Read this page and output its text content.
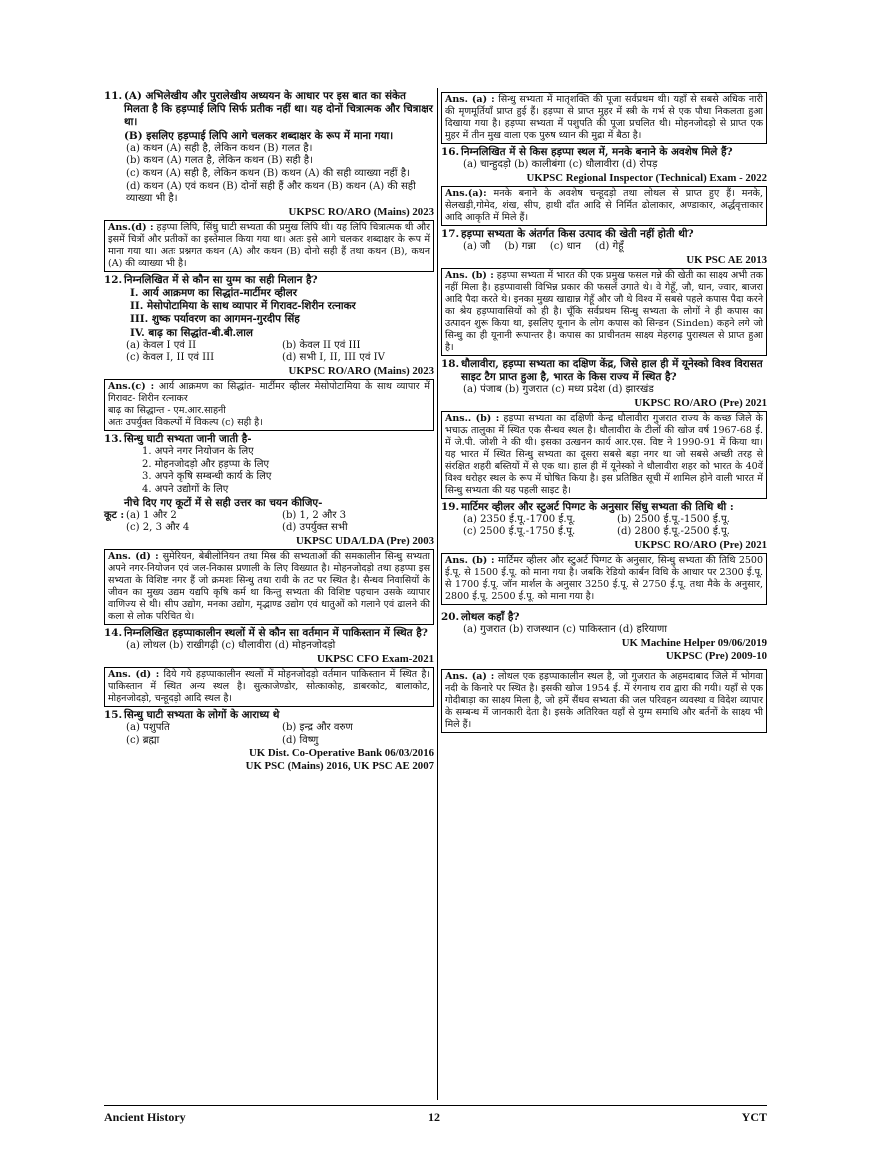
11. (A) अभिलेखीय और पुरालेखीय अध्ययन के आधार पर इस बात का संकेत मिलता है कि हड़प्पाई लिपि सिर्फ प्रतीक नहीं था। यह दोनों चित्रात्मक और चित्राक्षर था।
(B) इसलिए हड़प्पाई लिपि आगे चलकर शब्दाक्षर के रूप में माना गया।
(a) कथन (A) सही है, लेकिन कथन (B) गलत है।
(b) कथन (A) गलत है, लेकिन कथन (B) सही है।
(c) कथन (A) सही है, लेकिन कथन (B) कथन (A) की सही व्याख्या नहीं है।
(d) कथन (A) एवं कथन (B) दोनों सही हैं और कथन (B) कथन (A) की सही व्याख्या भी है।
UKPSC RO/ARO (Mains) 2023
Ans.(d) : हड़प्पा लिपि, सिंधु घाटी सभ्यता की प्रमुख लिपि थी। यह लिपि चित्रात्मक थी और इसमें चित्रों और प्रतीकों का इस्तेमाल किया गया था। अतः इसे आगे चलकर शब्दाक्षर के रूप में माना गया था। अतः प्रश्नगत कथन (A) और कथन (B) दोनो सही हैं तथा कथन (B), कथन (A) की व्याख्या भी है।
12. निम्नलिखित में से कौन सा युग्म का सही मिलान है?
I. आर्य आक्रमण का सिद्धांत-मार्टीमर व्हीलर
II. मेसोपोटामिया के साथ व्यापार में गिरावट-शिरीन रत्नाकर
III. शुष्क पर्यावरण का आगमन-गुरदीप सिंह
IV. बाढ़ का सिद्धांत-बी.बी.लाल
(a) केवल I एवं II	(b) केवल II एवं III
(c) केवल I, II एवं III	(d) सभी I, II, III एवं IV
UKPSC RO/ARO (Mains) 2023
Ans.(c) : आर्य आक्रमण का सिद्धांत- मार्टीमर व्हीलर मेसोपोटामिया के साथ व्यापार में गिरावट- शिरीन रत्नाकर
बाढ़ का सिद्धान्त - एम.आर.साहनी
अतः उपर्युक्त विकल्पों में विकल्प (c) सही है।
13. सिन्धु घाटी सभ्यता जानी जाती है-
1. अपने नगर नियोजन के लिए
2. मोहनजोदड़ो और हड़प्पा के लिए
3. अपने कृषि सम्बन्धी कार्य के लिए
4. अपने उद्योगों के लिए
नीचे दिए गए कूटों में से सही उत्तर का चयन कीजिए-
कूट : (a) 1 और 2	(b) 1, 2 और 3
(c) 2, 3 और 4	(d) उपर्युक्त सभी
UKPSC UDA/LDA (Pre) 2003
Ans. (d) : सुमेरियन, बेबीलोनियन तथा मिस्र की सभ्यताओं की समकालीन सिन्धु सभ्यता अपने नगर-नियोजन एवं जल-निकास प्रणाली के लिए विख्यात है। मोहनजोदड़ो तथा हड़प्पा इस सभ्यता के विशिष्ट नगर हैं जो क्रमशः सिन्धु तथा रावी के तट पर स्थित है। सैन्धव निवासियों के जीवन का मुख्य उद्यम यद्यपि कृषि कर्म था किन्तु सभ्यता की विशिष्ट पहचान उसके व्यापार वाणिज्य से थी। सीप उद्योग, मनका उद्योग, मृद्भाण्ड उद्योग एवं धातुओं को गलाने एवं ढालने की कला से लोक परिचित थे।
14. निम्नलिखित हड़प्पाकालीन स्थलों में से कौन सा वर्तमान में पाकिस्तान में स्थित है?
(a) लोथल (b) राखीगढ़ी (c) धौलावीरा (d) मोहनजोदड़ो
UKPSC CFO Exam-2021
Ans. (d) : दिये गये हड़प्पाकालीन स्थलों में मोहनजोदड़ो वर्तमान पाकिस्तान में स्थित है। पाकिस्तान में स्थित अन्य स्थल है। सुत्काजेण्डोर, सोत्काकोह, डाबरकोट, बालाकोट, मोहनजोदड़ो, चन्हूदड़ो आदि स्थल है।
15. सिन्धु घाटी सभ्यता के लोगों के आराध्य थे
(a) पशुपति	(b) इन्द्र और वरुण
(c) ब्रह्मा	(d) विष्णु
UK Dist. Co-Operative Bank 06/03/2016
UK PSC (Mains) 2016, UK PSC AE 2007
Ans. (a) : सिन्धु सभ्यता में मातृशक्ति की पूजा सर्वप्रथम थी। यहाँ से सबसे अधिक नारी की मृणमूर्तियाँ प्राप्त हुई हैं। हड़प्पा से प्राप्त मुहर में स्त्री के गर्भ से एक पौधा निकलता हुआ दिखाया गया है। हड़प्पा सभ्यता में पशुपति की पूजा प्रचलित थी। मोहनजोदड़ो से प्राप्त एक मुहर में तीन मुख वाला एक पुरुष ध्यान की मुद्रा में बैठा है।
16. निम्नलिखित में से किस हड़प्पा स्थल में, मनके बनाने के अवशेष मिले हैं?
(a) चान्हुदड़ो (b) कालीबंगा (c) धौलावीरा (d) रोपड़
UKPSC Regional Inspector (Technical) Exam - 2022
Ans.(a): मनके बनाने के अवशेष चन्हूदड़ो तथा लोथल से प्राप्त हुए हैं। मनके, सेलखड़ी,गोमेद, शंख, सीप, हाथी दाँत आदि से निर्मित ढोलाकार, अण्डाकार, अर्द्धवृत्ताकार आदि आकृति में मिले हैं।
17. हड़प्पा सभ्यता के अंतर्गत किस उत्पाद की खेती नहीं होती थी?
(a) जौ (b) गन्ना (c) धान (d) गेहूँ
UK PSC AE 2013
Ans. (b) : हड़प्पा सभ्यता में भारत की एक प्रमुख फसल गन्ने की खेती का साक्ष्य अभी तक नहीं मिला है। हड़प्पावासी विभिन्न प्रकार की फसलें उगाते थे। वे गेहूँ, जौ, धान, ज्वार, बाजरा आदि पैदा करते थे। इनका मुख्य खाद्यान्न गेहूँ और जौ थे विश्व में सबसे पहले कपास पैदा करने का श्रेय हड़प्पावासियों को ही है। चूँकि सर्वप्रथम सिन्धु सभ्यता के लोगों ने ही कपास का उत्पादन शुरू किया था, इसलिए यूनान के लोग कपास को सिन्डन (Sinden) कहने लगे जो सिन्धु का ही यूनानी रूपान्तर है। कपास का प्राचीनतम साक्ष्य मेहरगढ़ पुरास्थल से प्राप्त हुआ है।
18. धौलावीरा, हड़प्पा सभ्यता का दक्षिण केंद्र, जिसे हाल ही में यूनेस्को विश्व विरासत साइट टैग प्राप्त हुआ है, भारत के किस राज्य में स्थित है?
(a) पंजाब (b) गुजरात (c) मध्य प्रदेश (d) झारखंड
UKPSC RO/ARO (Pre) 2021
Ans.. (b) : हड़प्पा सभ्यता का दक्षिणी केन्द्र धौलावीरा गुजरात राज्य के कच्छ जिले के भचाऊ तालुका में स्थित एक सैन्धव स्थल है। धौलावीरा के टीलों की खोज वर्ष 1967-68 ई. में जे.पी. जोशी ने की थी। इसका उत्खनन कार्य आर.एस. विष्ट ने 1990-91 में किया था। यह भारत में स्थित सिन्धु सभ्यता का दूसरा सबसे बड़ा नगर था जो सबसे अच्छी तरह से संरक्षित शहरी बस्तियों में से एक था। हाल ही में यूनेस्को ने धौलावीरा शहर को भारत के 40वें विश्व धरोहर स्थल के रूप में घोषित किया है। इस प्रतिष्ठित सूची में शामिल होने वाली भारत में सिन्धु सभ्यता की यह पहली साइट है।
19. मार्टिमर व्हीलर और स्टुअर्ट पिग्गट के अनुसार सिंधु सभ्यता की तिथि थी :
(a) 2350 ई.पू.-1700 ई.पू.	(b) 2500 ई.पू.-1500 ई.पू.
(c) 2500 ई.पू.-1750 ई.पू.	(d) 2800 ई.पू.-2500 ई.पू.
UKPSC RO/ARO (Pre) 2021
Ans. (b) : मार्टिमर व्हीलर और स्टुअर्ट पिग्गट के अनुसार, सिन्धु सभ्यता की तिथि 2500 ई.पू. से 1500 ई.पू. को माना गया है। जबकि रेडियो कार्बन विधि के आधार पर 2300 ई.पू. से 1700 ई.पू. जॉन मार्शल के अनुसार 3250 ई.पू. से 2750 ई.पू. तथा मैके के अनुसार, 2800 ई.पू. 2500 ई.पू. को माना गया है।
20. लोथल कहाँ है?
(a) गुजरात (b) राजस्थान (c) पाकिस्तान (d) हरियाणा
UK Machine Helper 09/06/2019
UKPSC (Pre) 2009-10
Ans. (a) : लोथल एक हड़प्पाकालीन स्थल है, जो गुजरात के अहमदाबाद जिले में भोगवा नदी के किनारे पर स्थित है। इसकी खोज 1954 ई. में रंगनाथ राव द्वारा की गयी। यहाँ से एक गोदीबाड़ा का साक्ष्य मिला है, जो हमें सैंधव सभ्यता की जल परिवहन व्यवस्था व विदेश व्यापार के सम्बन्ध में जानकारी देता है। इसके अतिरिक्त यहाँ से युग्म समाधि और बर्तनों के साक्ष्य भी मिले हैं।
Ancient History	12	YCT
